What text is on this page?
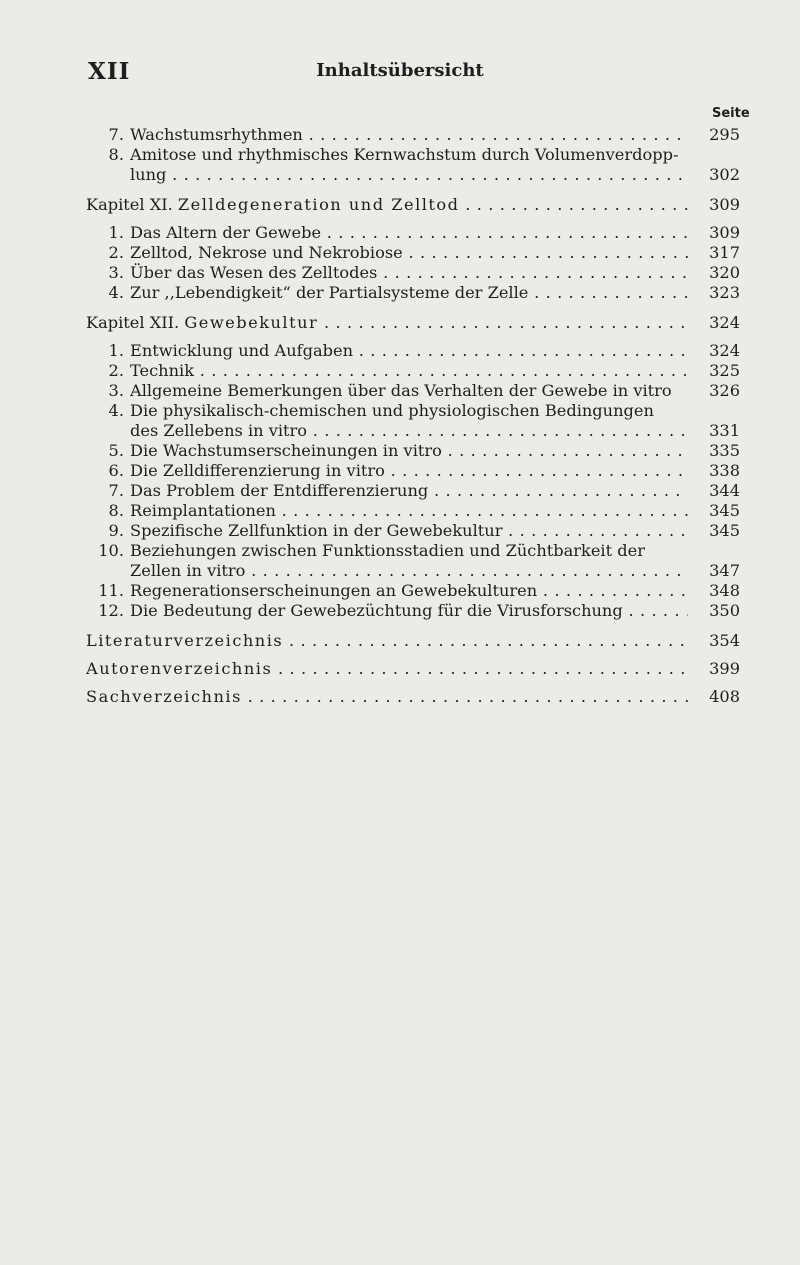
XII	Inhaltsübersicht
Seite
7. Wachstumsrhythmen . . .	295
8. Amitose und rhythmisches Kernwachstum durch Volumenverdopp-
lung . . .	302
Kapitel XI. Zelldegeneration und Zelltod . . .	309
1. Das Altern der Gewebe . . .	309
2. Zelltod, Nekrose und Nekrobiose . . .	317
3. Über das Wesen des Zelltodes . . .	320
4. Zur ,,Lebendigkeit“ der Partialsysteme der Zelle . . .	323
Kapitel XII. Gewebekultur . . .	324
1. Entwicklung und Aufgaben . . .	324
2. Technik . . .	325
3. Allgemeine Bemerkungen über das Verhalten der Gewebe in vitro	326
4. Die physikalisch-chemischen und physiologischen Bedingungen
des Zellebens in vitro . . .	331
5. Die Wachstumserscheinungen in vitro . . .	335
6. Die Zelldifferenzierung in vitro . . .	338
7. Das Problem der Entdifferenzierung . . .	344
8. Reimplantationen . . .	345
9. Spezifische Zellfunktion in der Gewebekultur . . .	345
10. Beziehungen zwischen Funktionsstadien und Züchtbarkeit der
Zellen in vitro . . .	347
11. Regenerationserscheinungen an Gewebekulturen . . .	348
12. Die Bedeutung der Gewebezüchtung für die Virusforschung . . .	350
Literaturverzeichnis . . .	354
Autorenverzeichnis . . .	399
Sachverzeichnis . . .	408
